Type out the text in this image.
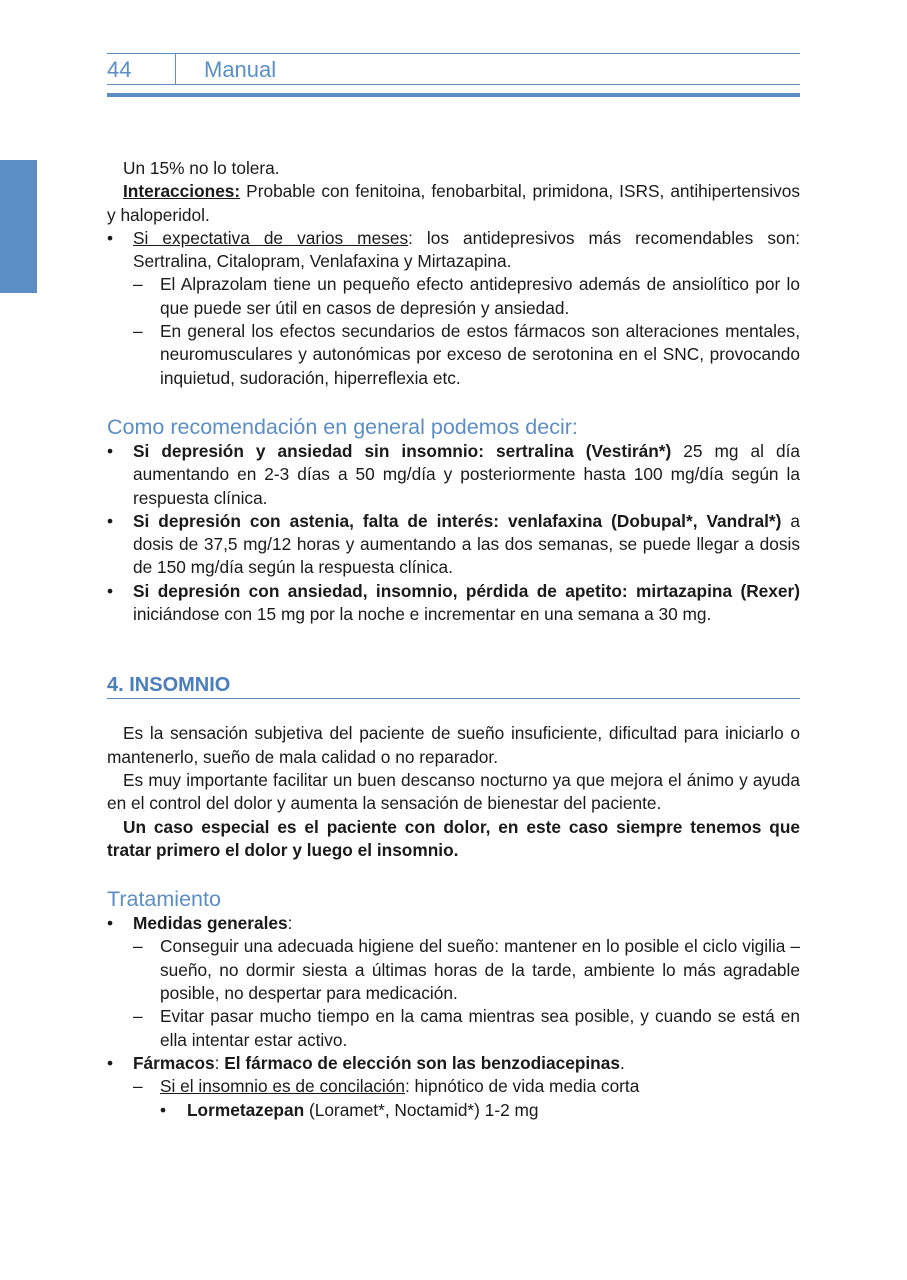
44	Manual

Un 15% no lo tolera.

Interacciones: Probable con fenitoina, fenobarbital, primidona, ISRS, antihipertensivos y haloperidol.

• Si expectativa de varios meses: los antidepresivos más recomendables son: Sertralina, Citalopram, Venlafaxina y Mirtazapina.
– El Alprazolam tiene un pequeño efecto antidepresivo además de ansiolítico por lo que puede ser útil en casos de depresión y ansiedad.
– En general los efectos secundarios de estos fármacos son alteraciones mentales, neuromusculares y autonómicas por exceso de serotonina en el SNC, provocando inquietud, sudoración, hiperreflexia etc.
Como recomendación en general podemos decir:
• Si depresión y ansiedad sin insomnio: sertralina (Vestirán*) 25 mg al día aumentando en 2-3 días a 50 mg/día y posteriormente hasta 100 mg/día según la respuesta clínica.
• Si depresión con astenia, falta de interés: venlafaxina (Dobupal*, Vandral*) a dosis de 37,5 mg/12 horas y aumentando a las dos semanas, se puede llegar a dosis de 150 mg/día según la respuesta clínica.
• Si depresión con ansiedad, insomnio, pérdida de apetito: mirtazapina (Rexer) iniciándose con 15 mg por la noche e incrementar en una semana a 30 mg.
4. INSOMNIO

Es la sensación subjetiva del paciente de sueño insuficiente, dificultad para iniciarlo o mantenerlo, sueño de mala calidad o no reparador.

Es muy importante facilitar un buen descanso nocturno ya que mejora el ánimo y ayuda en el control del dolor y aumenta la sensación de bienestar del paciente.

Un caso especial es el paciente con dolor, en este caso siempre tenemos que tratar primero el dolor y luego el insomnio.

Tratamiento
• Medidas generales:
– Conseguir una adecuada higiene del sueño: mantener en lo posible el ciclo vigilia –sueño, no dormir siesta a últimas horas de la tarde, ambiente lo más agradable posible, no despertar para medicación.
– Evitar pasar mucho tiempo en la cama mientras sea posible, y cuando se está en ella intentar estar activo.
• Fármacos: El fármaco de elección son las benzodiacepinas.
– Si el insomnio es de concilación: hipnótico de vida media corta
• Lormetazepan (Loramet*, Noctamid*) 1-2 mg
